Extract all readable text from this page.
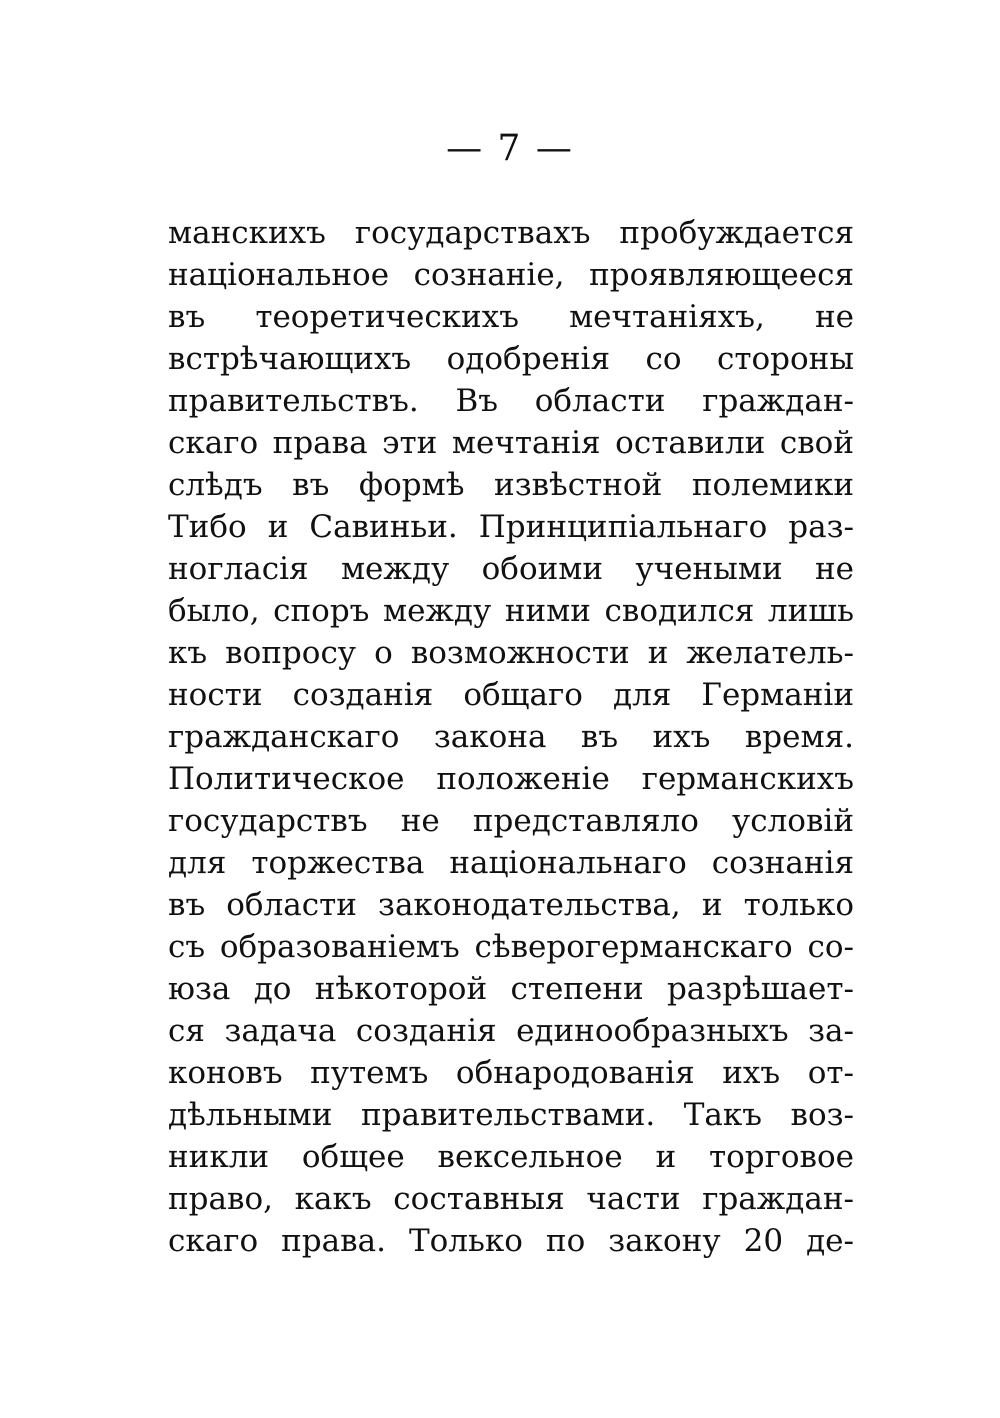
— 7 —
манскихъ государствахъ пробуждается
національное сознаніе, проявляющееся
въ теоретическихъ мечтаніяхъ, не
встрѣчающихъ одобренія со стороны
правительствъ. Въ области граждан-
скаго права эти мечтанія оставили свой
слѣдъ въ формѣ извѣстной полемики
Тибо и Савиньи. Принципіальнаго раз-
ногласія между обоими учеными не
было, споръ между ними сводился лишь
къ вопросу о возможности и желатель-
ности созданія общаго для Германіи
гражданскаго закона въ ихъ время.
Политическое положеніе германскихъ
государствъ не представляло условій
для торжества національнаго сознанія
въ области законодательства, и только
съ образованіемъ сѣверогерманскаго со-
юза до нѣкоторой степени разрѣшает-
ся задача созданія единообразныхъ за-
коновъ путемъ обнародованія ихъ от-
дѣльными правительствами. Такъ воз-
никли общее вексельное и торговое
право, какъ составныя части граждан-
скаго права. Только по закону 20 де-
